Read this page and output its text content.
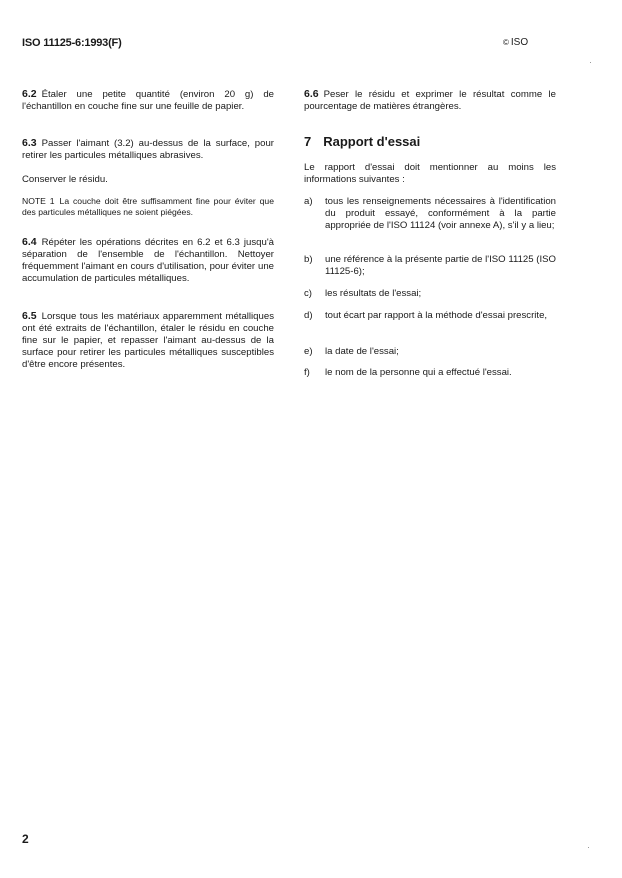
ISO 11125-6:1993(F)	© ISO

6.2 Étaler une petite quantité (environ 20 g) de l'échantillon en couche fine sur une feuille de papier.

6.3 Passer l'aimant (3.2) au-dessus de la surface, pour retirer les particules métalliques abrasives.

Conserver le résidu.

NOTE 1 La couche doit être suffisamment fine pour éviter que des particules métalliques ne soient piégées.

6.4 Répéter les opérations décrites en 6.2 et 6.3 jusqu'à séparation de l'ensemble de l'échantillon. Nettoyer fréquemment l'aimant en cours d'utilisation, pour éviter une accumulation de particules métalliques.

6.5 Lorsque tous les matériaux apparemment métalliques ont été extraits de l'échantillon, étaler le résidu en couche fine sur le papier, et repasser l'aimant au-dessus de la surface pour retirer les particules métalliques susceptibles d'être encore présentes.

6.6 Peser le résidu et exprimer le résultat comme le pourcentage de matières étrangères.

7 Rapport d'essai

Le rapport d'essai doit mentionner au moins les informations suivantes :

a) tous les renseignements nécessaires à l'identification du produit essayé, conformément à la partie appropriée de l'ISO 11124 (voir annexe A), s'il y a lieu;
b) une référence à la présente partie de l'ISO 11125 (ISO 11125-6);
c) les résultats de l'essai;
d) tout écart par rapport à la méthode d'essai prescrite,
e) la date de l'essai;
f) le nom de la personne qui a effectué l'essai.
2
